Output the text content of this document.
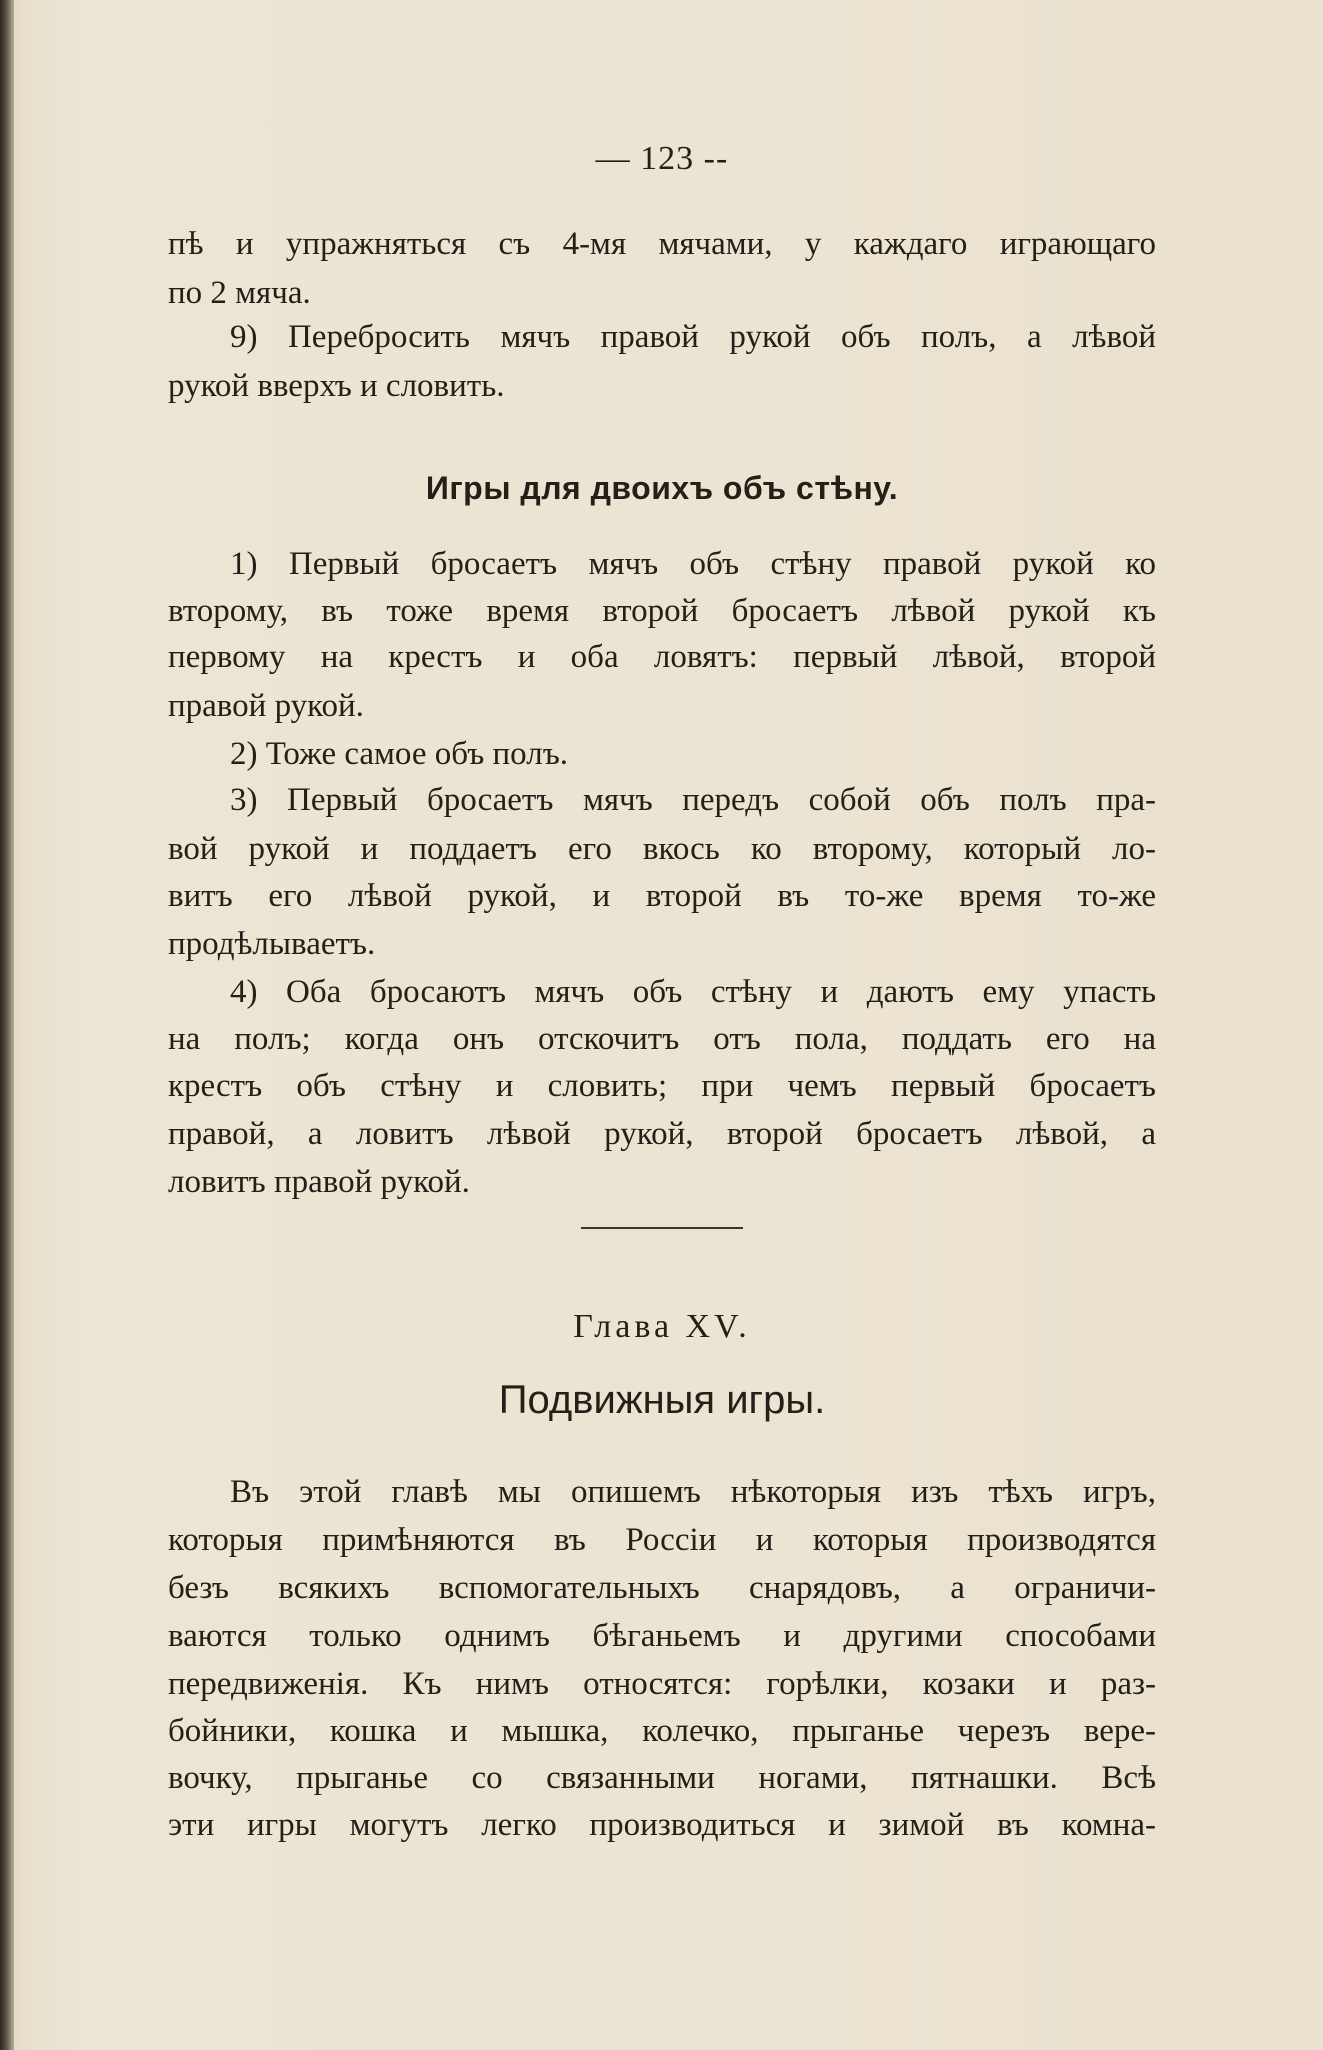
— 123 --
пѣ и упражняться съ 4-мя мячами, у каждаго играющаго
по 2 мяча.
9) Перебросить мячъ правой рукой объ полъ, а лѣвой
рукой вверхъ и словить.
Игры для двоихъ объ стѣну.
1) Первый бросаетъ мячъ объ стѣну правой рукой ко
второму, въ тоже время второй бросаетъ лѣвой рукой къ
первому на крестъ и оба ловятъ: первый лѣвой, второй
правой рукой.
2) Тоже самое объ полъ.
3) Первый бросаетъ мячъ передъ собой объ полъ пра-
вой рукой и поддаетъ его вкось ко второму, который ло-
витъ его лѣвой рукой, и второй въ то-же время то-же
продѣлываетъ.
4) Оба бросаютъ мячъ объ стѣну и даютъ ему упасть
на полъ; когда онъ отскочитъ отъ пола, поддать его на
крестъ объ стѣну и словить; при чемъ первый бросаетъ
правой, а ловитъ лѣвой рукой, второй бросаетъ лѣвой, а
ловитъ правой рукой.
Глава XV.
Подвижныя игры.
Въ этой главѣ мы опишемъ нѣкоторыя изъ тѣхъ игръ,
которыя примѣняются въ Россіи и которыя производятся
безъ всякихъ вспомогательныхъ снарядовъ, а ограничи-
ваются только однимъ бѣганьемъ и другими способами
передвиженія. Къ нимъ относятся: горѣлки, козаки и раз-
бойники, кошка и мышка, колечко, прыганье черезъ вере-
вочку, прыганье со связанными ногами, пятнашки. Всѣ
эти игры могутъ легко производиться и зимой въ комна-
